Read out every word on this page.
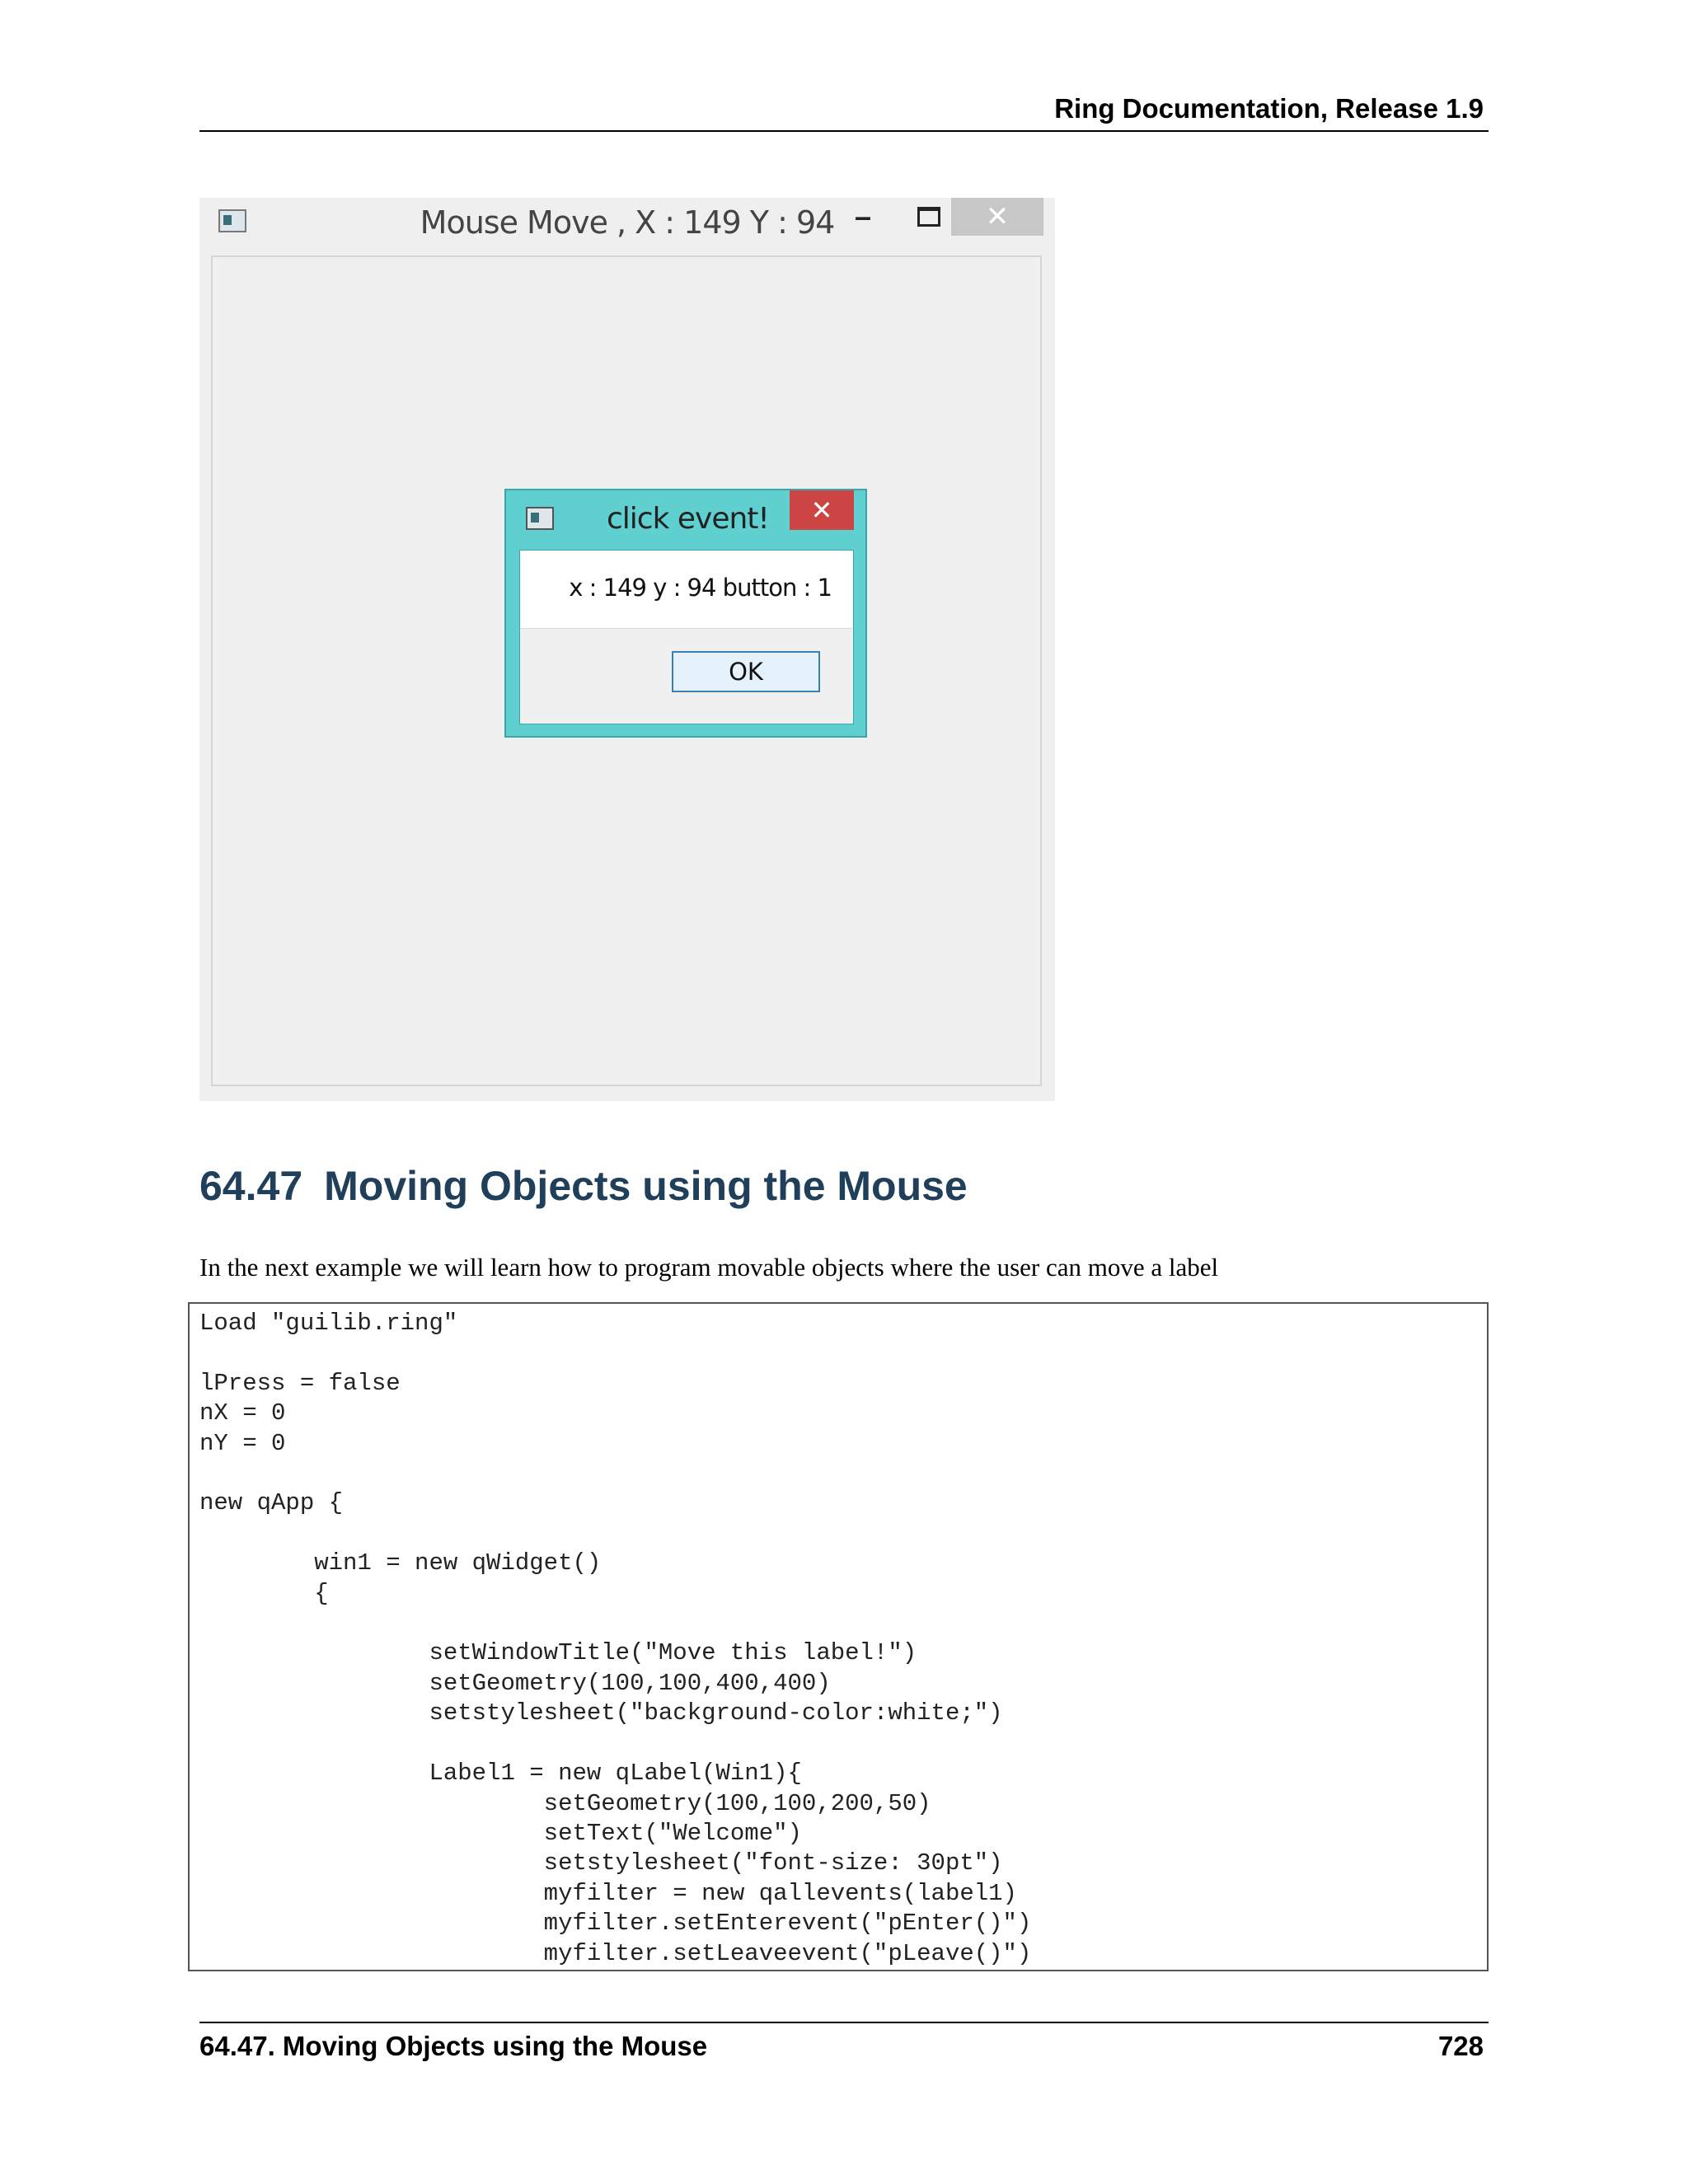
Ring Documentation, Release 1.9
Mouse Move , X : 149 Y : 94 –	✕
click event! ✕
x : 149 y : 94 button : 1
OK
64.47 Moving Objects using the Mouse
In the next example we will learn how to program movable objects where the user can move a label
Load "guilib.ring"

lPress = false
nX = 0
nY = 0

new qApp {

win1 = new qWidget()
{

setWindowTitle("Move this label!")
setGeometry(100,100,400,400)
setstylesheet("background-color:white;")

Label1 = new qLabel(Win1){
setGeometry(100,100,200,50)
setText("Welcome")
setstylesheet("font-size: 30pt")
myfilter = new qallevents(label1)
myfilter.setEnterevent("pEnter()")
myfilter.setLeaveevent("pLeave()")
64.47. Moving Objects using the Mouse	728
